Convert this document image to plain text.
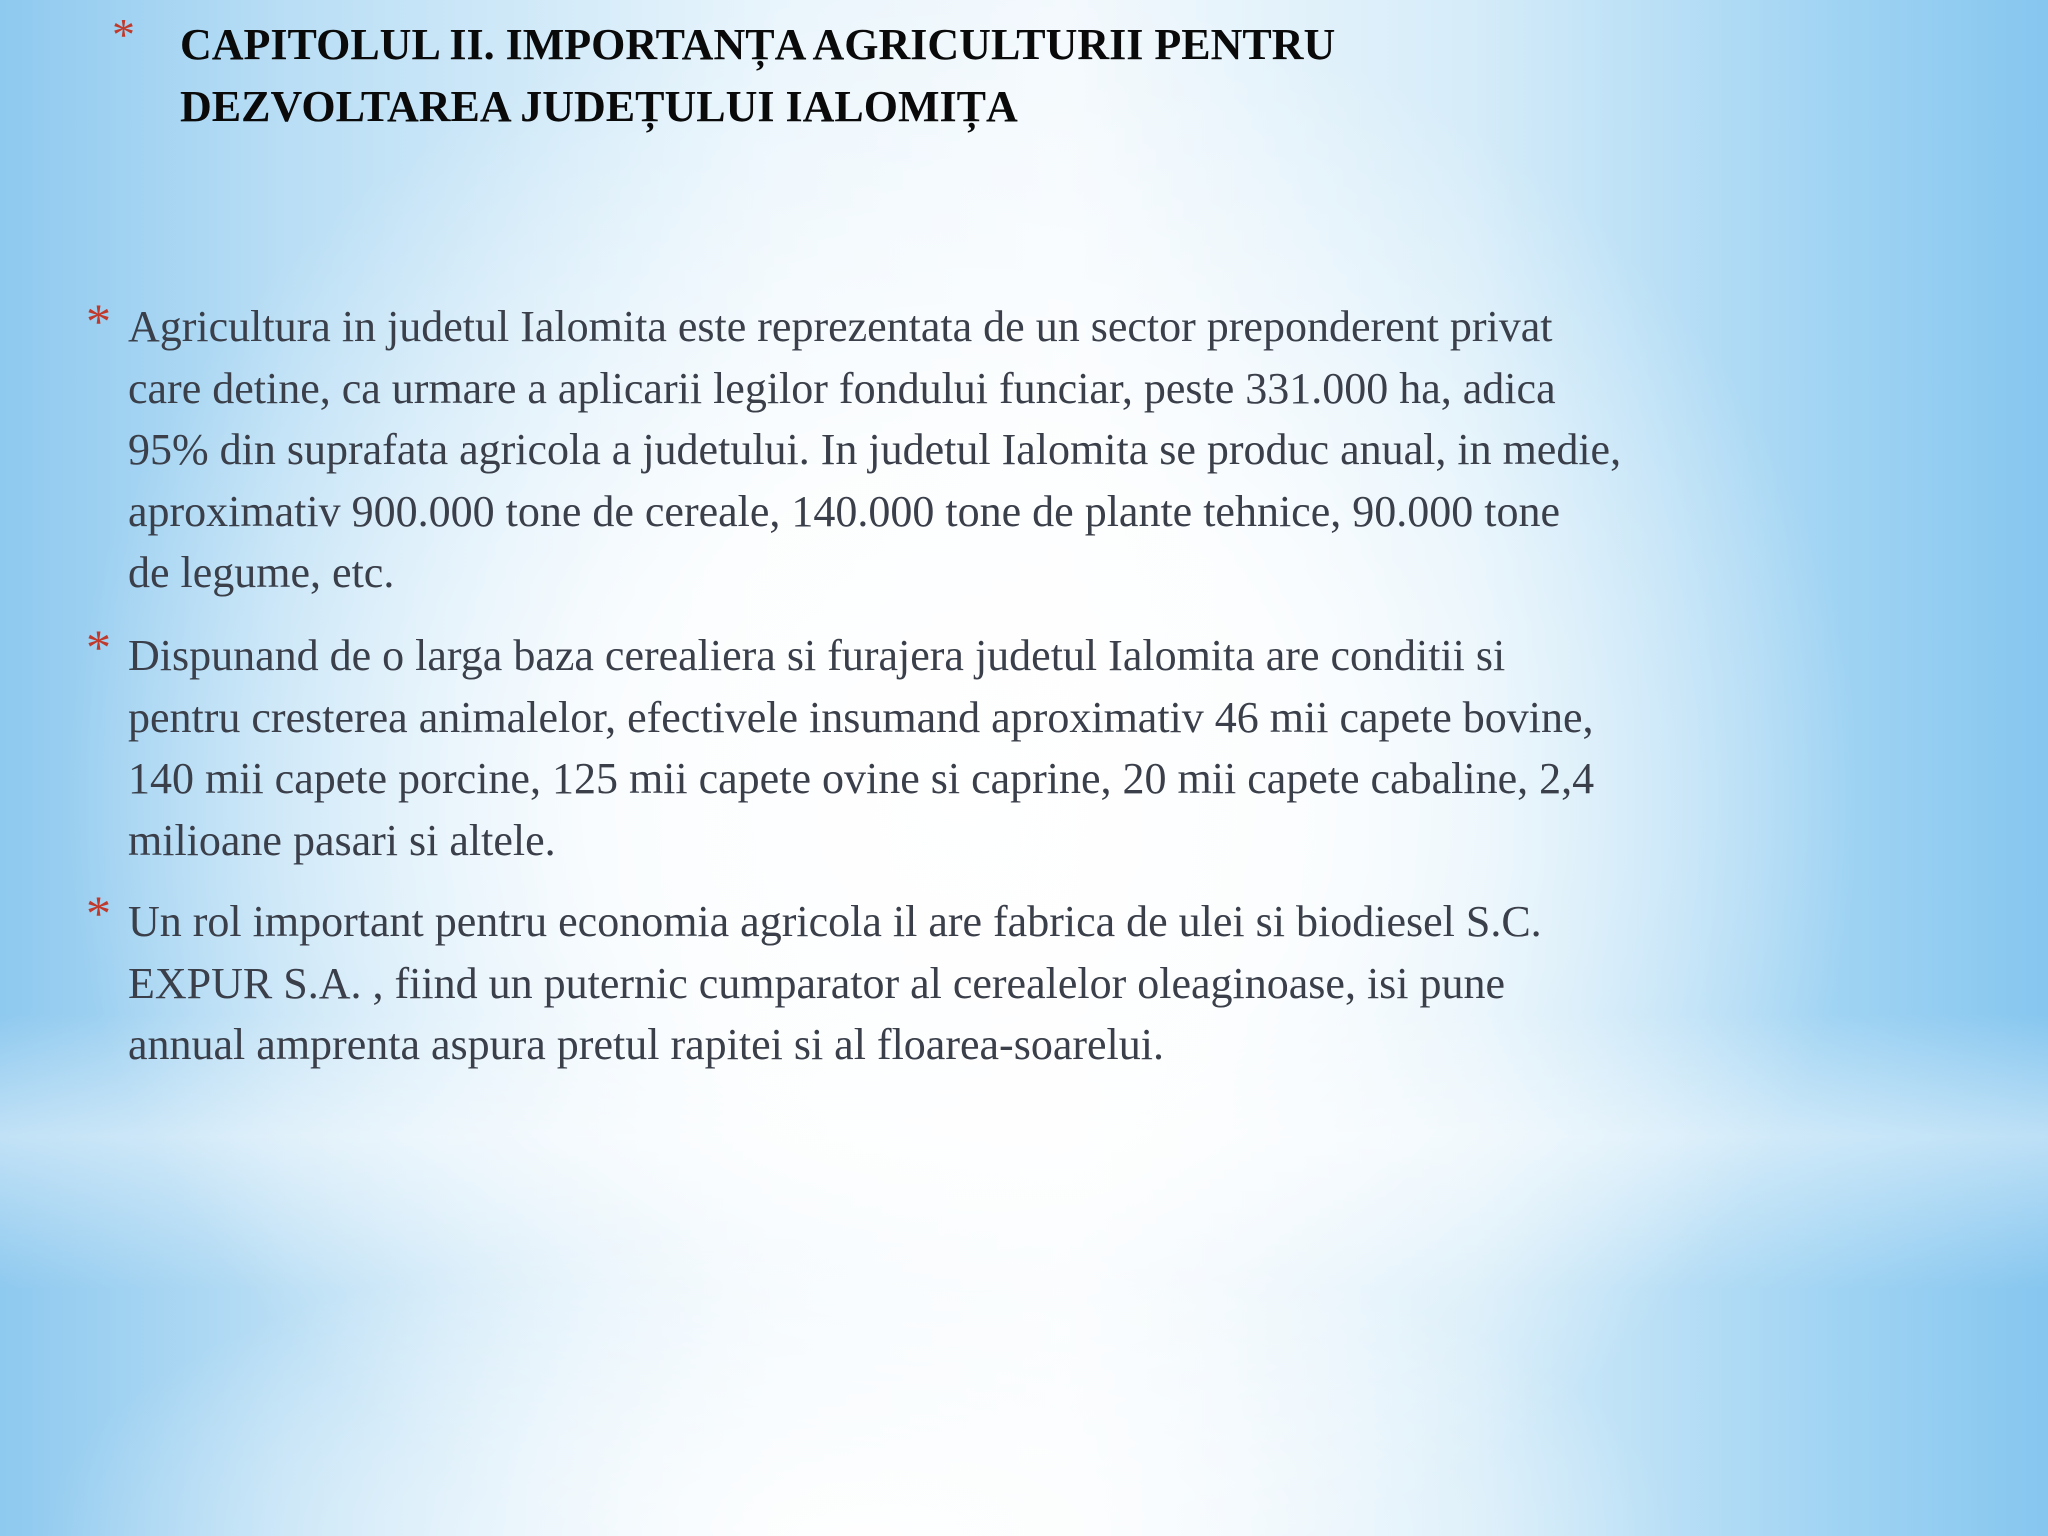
* CAPITOLUL II. IMPORTANȚA AGRICULTURII PENTRU
DEZVOLTAREA JUDEȚULUI IALOMIȚA
* Agricultura in judetul Ialomita este reprezentata de un sector preponderent privat
care detine, ca urmare a aplicarii legilor fondului funciar, peste 331.000 ha, adica
95% din suprafata agricola a judetului. In judetul Ialomita se produc anual, in medie,
aproximativ 900.000 tone de cereale, 140.000 tone de plante tehnice, 90.000 tone
de legume, etc.

* Dispunand de o larga baza cerealiera si furajera judetul Ialomita are conditii si
pentru cresterea animalelor, efectivele insumand aproximativ 46 mii capete bovine,
140 mii capete porcine, 125 mii capete ovine si caprine, 20 mii capete cabaline, 2,4
milioane pasari si altele.

* Un rol important pentru economia agricola il are fabrica de ulei si biodiesel S.C.
EXPUR S.A. , fiind un puternic cumparator al cerealelor oleaginoase, isi pune
annual amprenta aspura pretul rapitei si al floarea-soarelui.
